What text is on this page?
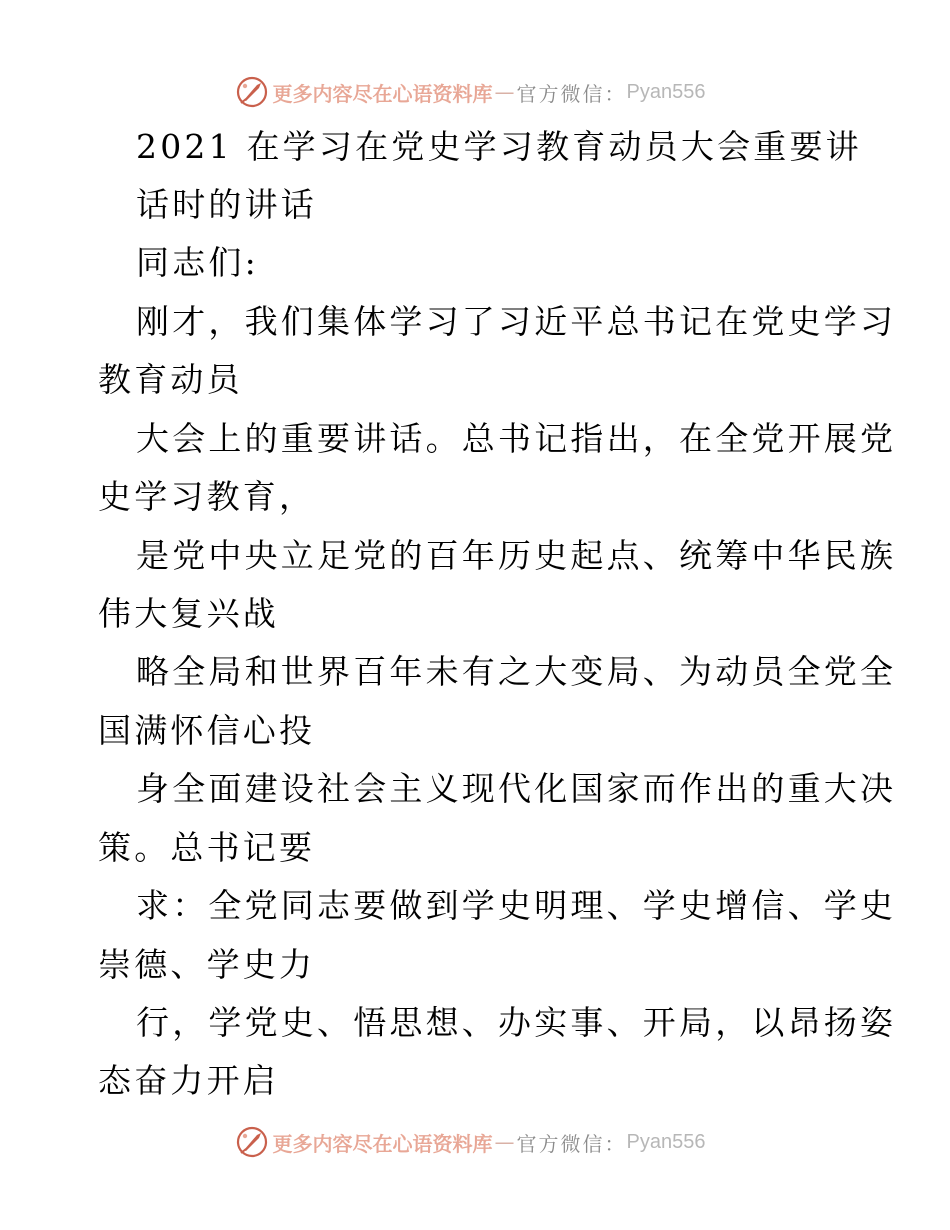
更多内容尽在心语资料库 — 官方微信： Pyan556
2021 在学习在党史学习教育动员大会重要讲
话时的讲话
同志们:
刚才，我们集体学习了习近平总书记在党史学习
教育动员
大会上的重要讲话。总书记指出，在全党开展党
史学习教育，
是党中央立足党的百年历史起点、统筹中华民族
伟大复兴战
略全局和世界百年未有之大变局、为动员全党全
国满怀信心投
身全面建设社会主义现代化国家而作出的重大决
策。总书记要
求：全党同志要做到学史明理、学史增信、学史
崇德、学史力
行，学党史、悟思想、办实事、开局，以昂扬姿
态奋力开启
更多内容尽在心语资料库 — 官方微信： Pyan556
